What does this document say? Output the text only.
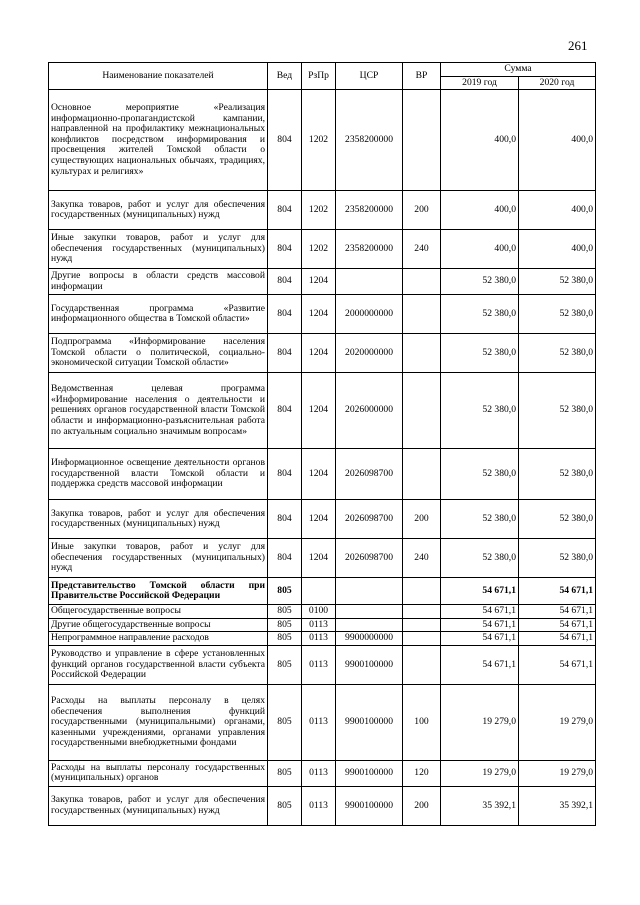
261
Наименование показателей	Вед	РзПр	ЦСР	ВР	Сумма	
					2019 год	2020 год
Основное мероприятие «Реализация информационно-пропагандистской кампании, направленной на профилактику межнациональных конфликтов посредством информирования и просвещения жителей Томской области о существующих национальных обычаях, традициях, культурах и религиях»	804	1202	2358200000		400,0	400,0
Закупка товаров, работ и услуг для обеспечения государственных (муниципальных) нужд	804	1202	2358200000	200	400,0	400,0
Иные закупки товаров, работ и услуг для обеспечения государственных (муниципальных) нужд	804	1202	2358200000	240	400,0	400,0
Другие вопросы в области средств массовой информации	804	1204			52 380,0	52 380,0
Государственная программа «Развитие информационного общества в Томской области»	804	1204	2000000000		52 380,0	52 380,0
Подпрограмма «Информирование населения Томской области о политической, социально-экономической ситуации Томской области»	804	1204	2020000000		52 380,0	52 380,0
Ведомственная целевая программа «Информирование населения о деятельности и решениях органов государственной власти Томской области и информационно-разъяснительная работа по актуальным социально значимым вопросам»	804	1204	2026000000		52 380,0	52 380,0
Информационное освещение деятельности органов государственной власти Томской области и поддержка средств массовой информации	804	1204	2026098700		52 380,0	52 380,0
Закупка товаров, работ и услуг для обеспечения государственных (муниципальных) нужд	804	1204	2026098700	200	52 380,0	52 380,0
Иные закупки товаров, работ и услуг для обеспечения государственных (муниципальных) нужд	804	1204	2026098700	240	52 380,0	52 380,0
Представительство Томской области при Правительстве Российской Федерации	805				54 671,1	54 671,1
Общегосударственные вопросы	805	0100			54 671,1	54 671,1
Другие общегосударственные вопросы	805	0113			54 671,1	54 671,1
Непрограммное направление расходов	805	0113	9900000000		54 671,1	54 671,1
Руководство и управление в сфере установленных функций органов государственной власти субъекта Российской Федерации	805	0113	9900100000		54 671,1	54 671,1
Расходы на выплаты персоналу в целях обеспечения выполнения функций государственными (муниципальными) органами, казенными учреждениями, органами управления государственными внебюджетными фондами	805	0113	9900100000	100	19 279,0	19 279,0
Расходы на выплаты персоналу государственных (муниципальных) органов	805	0113	9900100000	120	19 279,0	19 279,0
Закупка товаров, работ и услуг для обеспечения государственных (муниципальных) нужд	805	0113	9900100000	200	35 392,1	35 392,1
